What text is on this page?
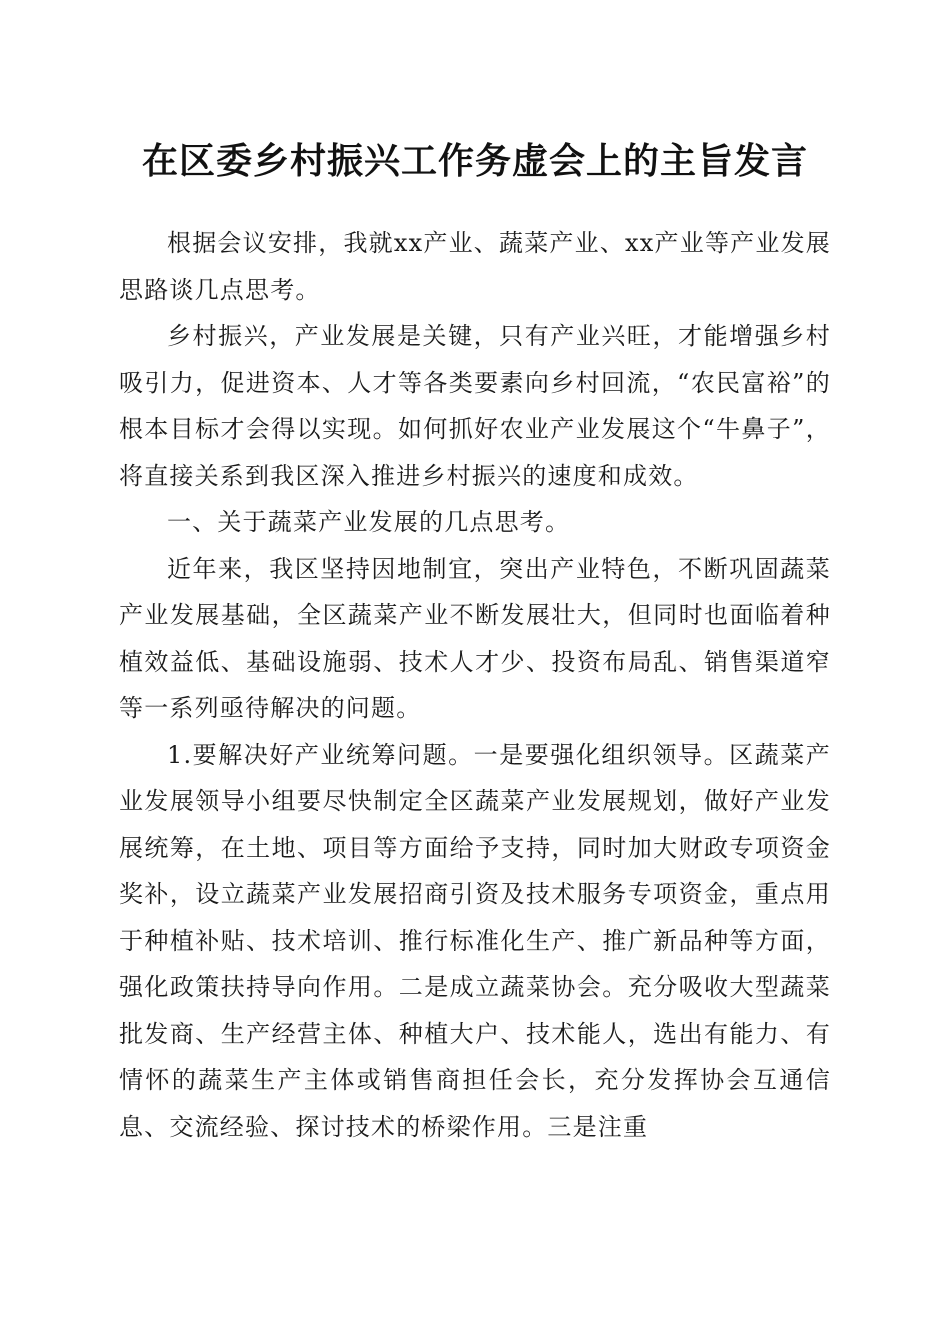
在区委乡村振兴工作务虚会上的主旨发言

根据会议安排，我就xx产业、蔬菜产业、xx产业等产业发展思路谈几点思考。

乡村振兴，产业发展是关键，只有产业兴旺，才能增强乡村吸引力，促进资本、人才等各类要素向乡村回流，“农民富裕”的根本目标才会得以实现。如何抓好农业产业发展这个“牛鼻子”，将直接关系到我区深入推进乡村振兴的速度和成效。

一、关于蔬菜产业发展的几点思考。

近年来，我区坚持因地制宜，突出产业特色，不断巩固蔬菜产业发展基础，全区蔬菜产业不断发展壮大，但同时也面临着种植效益低、基础设施弱、技术人才少、投资布局乱、销售渠道窄等一系列亟待解决的问题。

1.要解决好产业统筹问题。一是要强化组织领导。区蔬菜产业发展领导小组要尽快制定全区蔬菜产业发展规划，做好产业发展统筹，在土地、项目等方面给予支持，同时加大财政专项资金奖补，设立蔬菜产业发展招商引资及技术服务专项资金，重点用于种植补贴、技术培训、推行标准化生产、推广新品种等方面，强化政策扶持导向作用。二是成立蔬菜协会。充分吸收大型蔬菜批发商、生产经营主体、种植大户、技术能人，选出有能力、有情怀的蔬菜生产主体或销售商担任会长，充分发挥协会互通信息、交流经验、探讨技术的桥梁作用。三是注重
